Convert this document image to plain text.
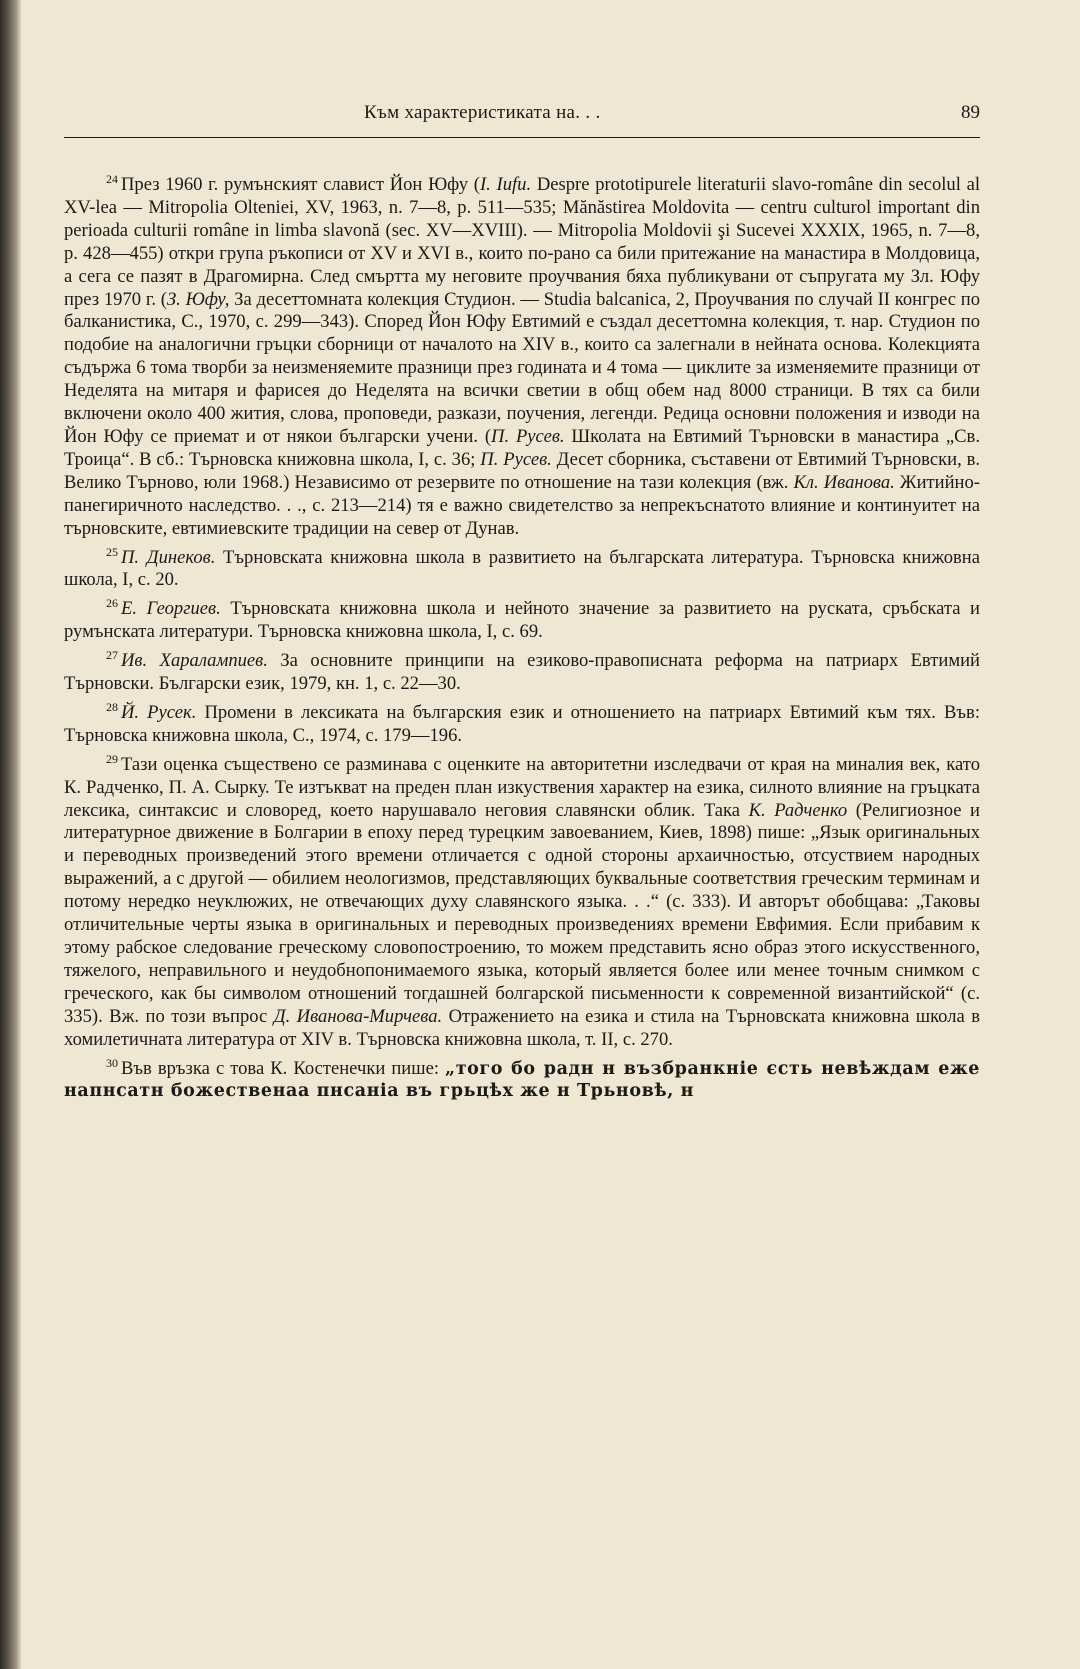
Към характеристиката на. . .	89

$^{24}$ През 1960 г. румънският славист Йон Юфу (I. Iufu. Despre prototipurele literaturii slavo-române din secolul al XV-lea — Mitropolia Olteniei, XV, 1963, n. 7—8, p. 511—535; Mănăstirea Moldovita — centru culturol important din perioada culturii române in limba slavonă (sec. XV—XVIII). — Mitropolia Moldovii şi Sucevei XXXIX, 1965, n. 7—8, p. 428—455) откри група ръкописи от XV и XVI в., които по-рано са били притежание на манастира в Молдовица, а сега се пазят в Драгомирна. След смъртта му неговите проучвания бяха публикувани от съпругата му Зл. Юфу през 1970 г. (З. Юфу, За десеттомната колекция Студион. — Studia balcanica, 2, Проучвания по случай II конгрес по балканистика, С., 1970, с. 299—343). Според Йон Юфу Евтимий е създал десеттомна колекция, т. нар. Студион по подобие на аналогични гръцки сборници от началото на XIV в., които са залегнали в нейната основа. Колекцията съдържа 6 тома творби за неизменяемите празници през годината и 4 тома — циклите за изменяемите празници от Неделята на митаря и фарисея до Неделята на всички светии в общ обем над 8000 страници. В тях са били включени около 400 жития, слова, проповеди, разкази, поучения, легенди. Редица основни положения и изводи на Йон Юфу се приемат и от някои български учени. (П. Русев. Школата на Евтимий Търновски в манастира „Св. Троица“. В сб.: Търновска книжовна школа, I, с. 36; П. Русев. Десет сборника, съставени от Евтимий Търновски, в. Велико Търново, юли 1968.) Независимо от резервите по отношение на тази колекция (вж. Кл. Иванова. Житийно-панегиричното наследство. . ., с. 213—214) тя е важно свидетелство за непрекъснатото влияние и континуитет на търновските, евтимиевските традиции на север от Дунав.

$^{25}$ П. Динеков. Търновската книжовна школа в развитието на българската литература. Търновска книжовна школа, I, с. 20.

$^{26}$ Е. Георгиев. Търновската книжовна школа и нейното значение за развитието на руската, сръбската и румънската литератури. Търновска книжовна школа, I, с. 69.

$^{27}$ Ив. Харалампиев. За основните принципи на езиково-правописната реформа на патриарх Евтимий Търновски. Български език, 1979, кн. 1, с. 22—30.

$^{28}$ Й. Русек. Промени в лексиката на българския език и отношението на патриарх Евтимий към тях. Във: Търновска книжовна школа, С., 1974, с. 179—196.

$^{29}$ Тази оценка съществено се разминава с оценките на авторитетни изследвачи от края на миналия век, като К. Радченко, П. А. Сырку. Те изтъкват на преден план изкуствения характер на езика, силното влияние на гръцката лексика, синтаксис и словоред, което нарушавало неговия славянски облик. Така К. Радченко (Религиозное и литературное движение в Болгарии в епоху перед турецким завоеванием, Киев, 1898) пише: „Язык оригинальных и переводных произведений этого времени отличается с одной стороны архаичностью, отсуствием народных выражений, а с другой — обилием неологизмов, представляющих буквальные соответствия греческим терминам и потому нередко неуклюжих, не отвечающих духу славянского языка. . .“ (с. 333). И авторът обобщава: „Таковы отличительные черты языка в оригинальных и переводных произведениях времени Евфимия. Если прибавим к этому рабское следование греческому словопостроению, то можем представить ясно образ этого искусственного, тяжелого, неправильного и неудобнопонимаемого языка, который является более или менее точным снимком с греческого, как бы символом отношений тогдашней болгарской письменности к современной византийской“ (с. 335). Вж. по този въпрос Д. Иванова-Мирчева. Отражението на езика и стила на Търновската книжовна школа в хомилетичната литература от XIV в. Търновска книжовна школа, т. II, с. 270.

$^{30}$ Във връзка с това К. Костенечки пише: „того бо радн н възбранкніе єсть невѣждам еже напнсатн божественаа пнсаніа въ грьцѣх же н Трьновѣ, н
